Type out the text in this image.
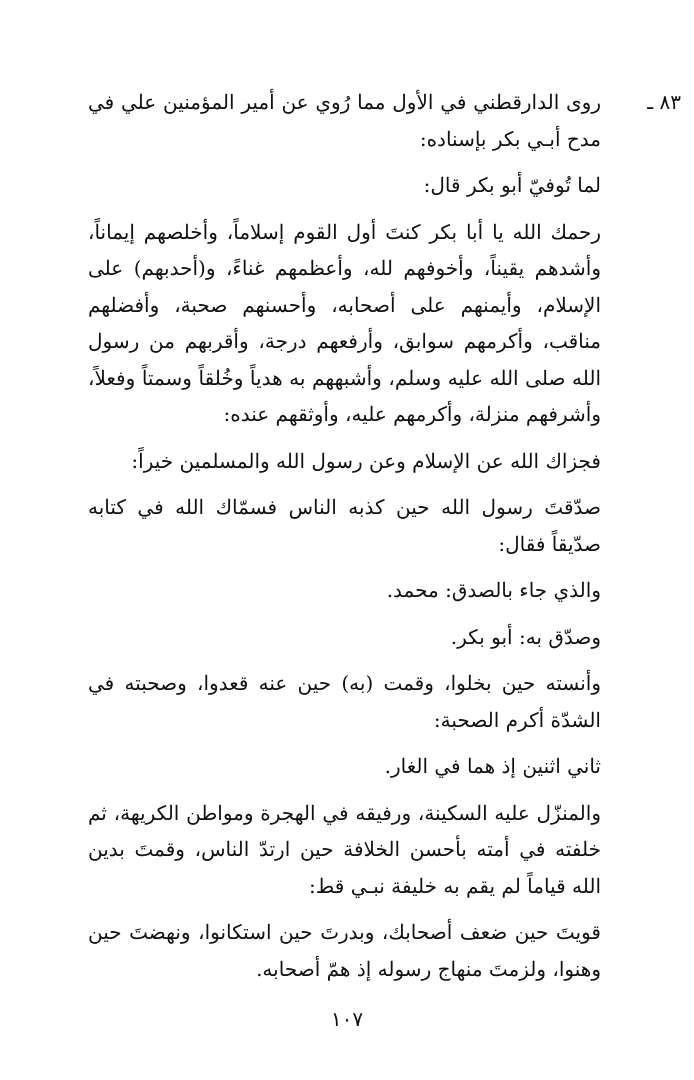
٨٣ ـ
روى الدارقطني في الأول مما رُوي عن أمير المؤمنين علي في مدح أبـي بكر بإسناده:

لما تُوفيّ أبو بكر قال:

رحمك الله يا أبا بكر كنتَ أول القوم إسلاماً، وأخلصهم إيماناً، وأشدهم يقيناً، وأخوفهم لله، وأعظمهم غناءً، و(أحدبهم) على الإسلام، وأيمنهم على أصحابه، وأحسنهم صحبة، وأفضلهم مناقب، وأكرمهم سوابق، وأرفعهم درجة، وأقربهم من رسول الله صلى الله عليه وسلم، وأشبههم به هدياً وخُلقاً وسمتاً وفعلاً، وأشرفهم منزلة، وأكرمهم عليه، وأوثقهم عنده:

فجزاك الله عن الإسلام وعن رسول الله والمسلمين خيراً:

صدّقتَ رسول الله حين كذبه الناس فسمّاك الله في كتابه صدّيقاً فقال:

والذي جاء بالصدق: محمد.

وصدّق به: أبو بكر.

وأنسته حين بخلوا، وقمت (به) حين عنه قعدوا، وصحبته في الشدّة أكرم الصحبة:

ثاني اثنين إذ هما في الغار.

والمنزّل عليه السكينة، ورفيقه في الهجرة ومواطن الكريهة، ثم خلفته في أمته بأحسن الخلافة حين ارتدّ الناس، وقمتَ بدين الله قياماً لم يقم به خليفة نبـي قط:

قويتَ حين ضعف أصحابك، وبدرتَ حين استكانوا، ونهضتَ حين وهنوا، ولزمتَ منهاج رسوله إذ همّ أصحابه.

١٠٧
